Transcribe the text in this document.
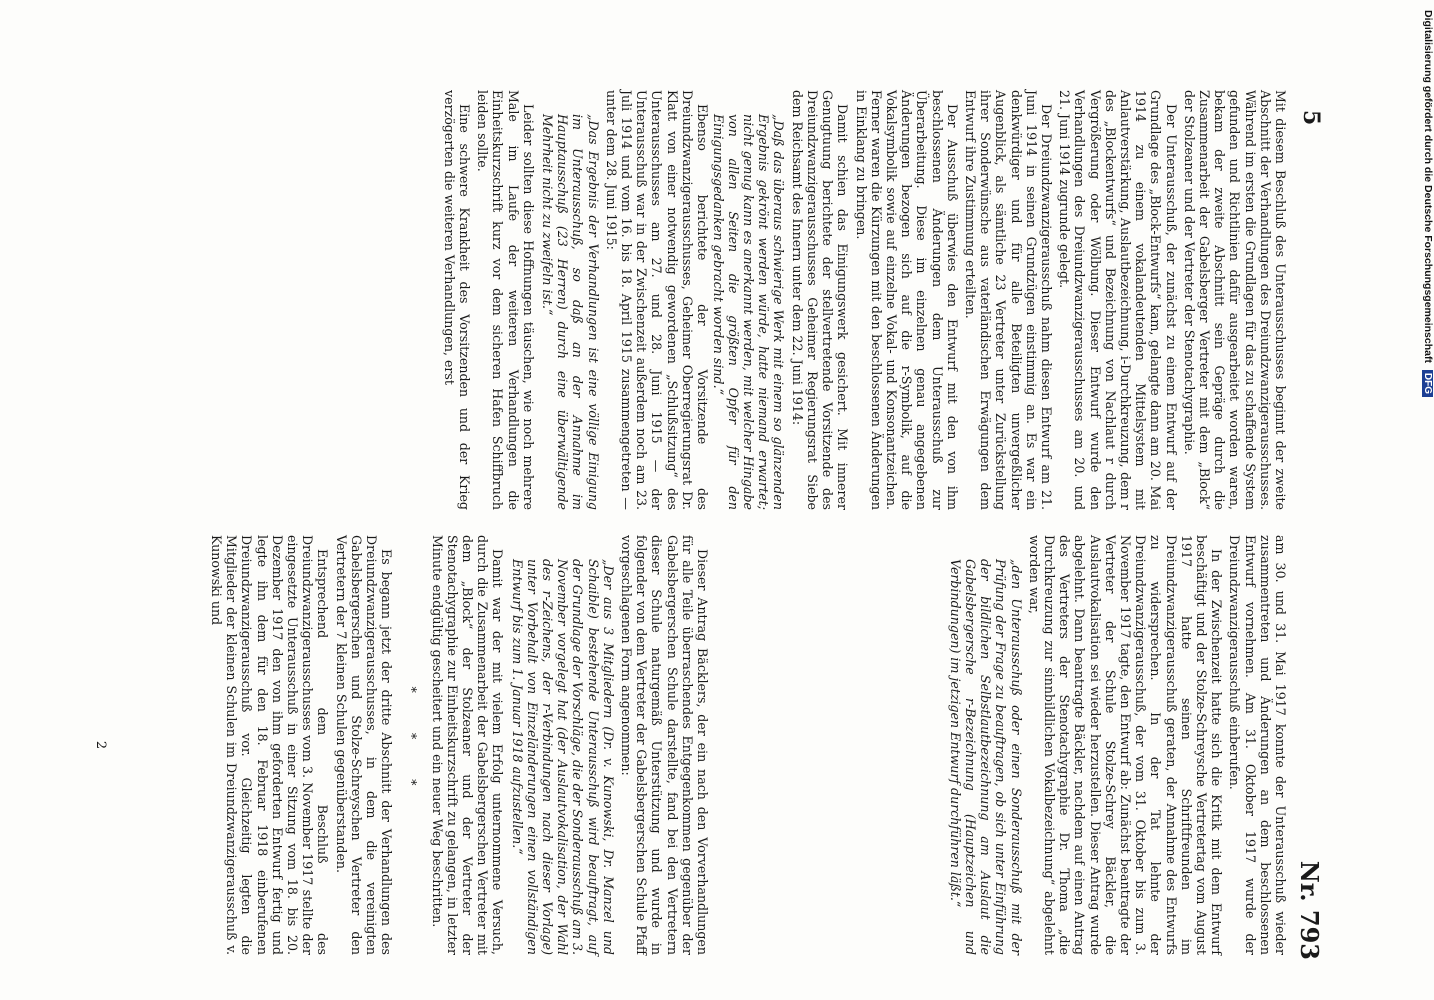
5
Nr. 793

Mit diesem Beschluß des Unterausschusses beginnt der zweite Abschnitt der Verhandlungen des Dreiundzwanzigerausschusses. Während im ersten die Grundlagen für das zu schaffende System gefunden und Richtlinien dafür ausgearbeitet worden waren, bekam der zweite Abschnitt sein Gepräge durch die Zusammenarbeit der Gabelsberger Vertreter mit dem „Block“ der Stolzeaner und der Vertreter der Stenotachygraphie.

Der Unterausschuß, der zunächst zu einem Entwurf auf der Grundlage des „Block-Entwurfs“ kam, gelangte dann am 20. Mai 1914 zu einem vokalandeutenden Mittelsystem mit Anlautverstärkung, Auslautbezeichnung, i-Durchkreuzung, dem r des „Blockentwurfs“ und Bezeichnung von Nachlaut r durch Vergrößerung oder Wölbung. Dieser Entwurf wurde den Verhandlungen des Dreiundzwanzigerausschusses am 20. und 21. Juni 1914 zugrunde gelegt.

Der Dreiundzwanzigerausschuß nahm diesen Entwurf am 21. Juni 1914 in seinen Grundzügen einstimmig an. Es war ein denkwürdiger und für alle Beteiligten unvergeßlicher Augenblick, als sämtliche 23 Vertreter unter Zurückstellung ihrer Sonderwünsche aus vaterländischen Erwägungen dem Entwurf ihre Zustimmung erteilten.

Der Ausschuß überwies den Entwurf mit den von ihm beschlossenen Änderungen dem Unterausschuß zur Überarbeitung. Diese im einzelnen genau angegebenen Änderungen bezogen sich auf die r-Symbolik, auf die Vokalsymbolik sowie auf einzelne Vokal- und Konsonantzeichen. Ferner waren die Kürzungen mit den beschlossenen Änderungen in Einklang zu bringen.

Damit schien das Einigungswerk gesichert. Mit innerer Genugtuung berichtete der stellvertretende Vorsitzende des Dreiundzwanzigerausschusses Geheimer Regierungsrat Siebe dem Reichsamt des Innern unter dem 22. Juni 1914:

„Daß das überaus schwierige Werk mit einem so glänzenden Ergebnis gekrönt werden würde, hatte niemand erwartet; nicht genug kann es anerkannt werden, mit welcher Hingabe von allen Seiten die größten Opfer für den Einigungsgedanken gebracht worden sind.“

Ebenso berichtete der Vorsitzende des Dreiundzwanzigerausschusses, Geheimer Oberregierungsrat Dr. Klatt von einer notwendig gewordenen „Schlußsitzung“ des Unterausschusses am 27. und 28. Juni 1915 — der Unterausschuß war in der Zwischenzeit außerdem noch am 23. Juli 1914 und vom 16. bis 18. April 1915 zusammengetreten — unter dem 28. Juni 1915:

„Das Ergebnis der Verhandlungen ist eine völlige Einigung im Unterausschuß, so daß an der Annahme im Hauptausschuß (23 Herren) durch eine überwältigende Mehrheit nicht zu zweifeln ist.“

Leider sollten diese Hoffnungen täuschen, wie noch mehrere Male im Laufe der weiteren Verhandlungen die Einheitskurzschrift kurz vor dem sicheren Hafen Schiffbruch leiden sollte.

Eine schwere Krankheit des Vorsitzenden und der Krieg verzögerten die weiteren Verhandlungen, erst

am 30. und 31. Mai 1917 konnte der Unterausschuß wieder zusammentreten und Änderungen an dem beschlossenen Entwurf vornehmen. Am 31. Oktober 1917 wurde der Dreiundzwanzigerausschuß einberufen.

In der Zwischenzeit hatte sich die Kritik mit dem Entwurf beschäftigt und der Stolze-Schreysche Vertretertag vom August 1917 hatte seinen Schriftfreunden im Dreiundzwanzigerausschuß geraten, der Annahme des Entwurfs zu widersprechen. In der Tat lehnte der Dreiundzwanzigerausschuß, der vom 31. Oktober bis zum 3. November 1917 tagte, den Entwurf ab: Zunächst beantragte der Vertreter der Schule Stolze-Schrey Bäckler, die Auslautvokalisation sei wieder herzustellen. Dieser Antrag wurde abgelehnt. Dann beantragte Bäckler, nachdem auf einen Antrag des Vertreters der Stenotachygraphie Dr. Thoma „die Durchkreuzung zur sinnbildlichen Vokalbezeichnung“ abgelehnt worden war,

„den Unterausschuß oder einen Sonderausschuß mit der Prüfung der Frage zu beauftragen, ob sich unter Einführung der bildlichen Selbstlautbezeichnung am Auslaut die Gabelsbergersche r-Bezeichnung (Hauptzeichen und Verbindungen) im jetzigen Entwurf durchführen läßt.“

Dieser Antrag Bäcklers, der ein nach den Vorverhandlungen für alle Teile überraschendes Entgegenkommen gegenüber der Gabelsbergerschen Schule darstellte, fand bei den Vertretern dieser Schule naturgemäß Unterstützung und wurde in folgender von dem Vertreter der Gabelsbergerschen Schule Pfaff vorgeschlagenen Form angenommen:

„Der aus 3 Mitgliedern (Dr. v. Kunowski, Dr. Manzel und Schaible) bestehende Unterausschuß wird beauftragt, auf der Grundlage der Vorschläge, die der Sonderausschuß am 3. November vorgelegt hat (der Auslautvokalisation, der Wahl des r-Zeichens, der r-Verbindungen nach dieser Vorlage) unter Vorbehalt von Einzeländerungen einen vollständigen Entwurf bis zum 1. Januar 1918 aufzustellen.“

Damit war der mit vielem Erfolg unternommene Versuch, durch die Zusammenarbeit der Gabelsbergerschen Vertreter mit dem „Block“ der Stolzeaner und der Vertreter der Stenotachygraphie zur Einheitskurzschrift zu gelangen, in letzter Minute endgültig gescheitert und ein neuer Weg beschritten.

* * *

Es begann jetzt der dritte Abschnitt der Verhandlungen des Dreiundzwanzigerausschusses, in dem die vereinigten Gabelsbergerschen und Stolze-Schreyschen Vertreter den Vertretern der 7 kleinen Schulen gegenüberstanden.

Entsprechend dem Beschluß des Dreiundzwanzigerausschusses vom 3. November 1917 stellte der eingesetzte Unterausschuß in einer Sitzung vom 18. bis 20. Dezember 1917 den von ihm geforderten Entwurf fertig und legte ihn dem für den 18. Februar 1918 einberufenen Dreiundzwanzigerausschuß vor. Gleichzeitig legten die Mitglieder der kleinen Schulen im Dreiundzwanzigerausschuß v. Kunowski und

2
Digitalisierung gefördert durch die Deutsche Forschungsgemeinschaft DFG
